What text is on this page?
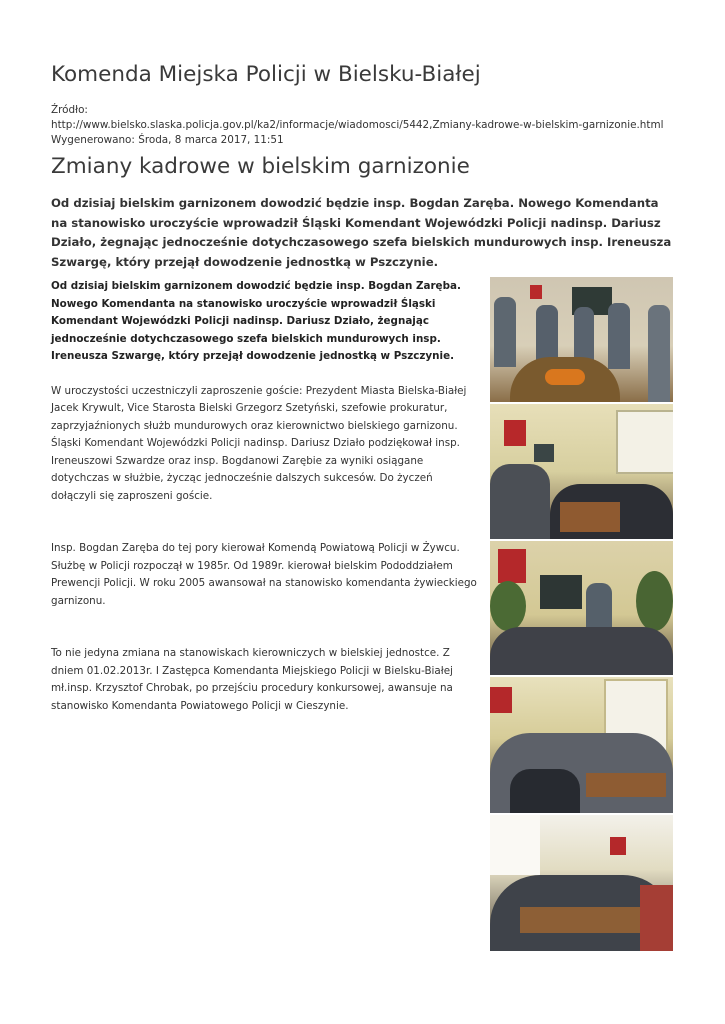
Komenda Miejska Policji w Bielsku-Białej
Źródło:
http://www.bielsko.slaska.policja.gov.pl/ka2/informacje/wiadomosci/5442,Zmiany-kadrowe-w-bielskim-garnizonie.html
Wygenerowano: Środa, 8 marca 2017, 11:51
Zmiany kadrowe w bielskim garnizonie

Od dzisiaj bielskim garnizonem dowodzić będzie insp. Bogdan Zaręba. Nowego Komendanta na stanowisko uroczyście wprowadził Śląski Komendant Wojewódzki Policji nadinsp. Dariusz Działo, żegnając jednocześnie dotychczasowego szefa bielskich mundurowych insp. Ireneusza Szwargę, który przejął dowodzenie jednostką w Pszczynie.

Od dzisiaj bielskim garnizonem dowodzić będzie insp. Bogdan Zaręba. Nowego Komendanta na stanowisko uroczyście wprowadził Śląski Komendant Wojewódzki Policji nadinsp. Dariusz Działo, żegnając jednocześnie dotychczasowego szefa bielskich mundurowych insp. Ireneusza Szwargę, który przejął dowodzenie jednostką w Pszczynie.

W uroczystości uczestniczyli zaproszenie goście: Prezydent Miasta Bielska-Białej Jacek Krywult, Vice Starosta Bielski Grzegorz Szetyński, szefowie prokuratur, zaprzyjaźnionych służb mundurowych oraz kierownictwo bielskiego garnizonu.

Śląski Komendant Wojewódzki Policji nadinsp. Dariusz Działo podziękował insp. Ireneuszowi Szwardze oraz insp. Bogdanowi Zarębie za wyniki osiągane dotychczas w służbie, życząc jednocześnie dalszych sukcesów. Do życzeń dołączyli się zaproszeni goście.

Insp. Bogdan Zaręba do tej pory kierował Komendą Powiatową Policji w Żywcu. Służbę w Policji rozpoczął w 1985r. Od 1989r. kierował bielskim Pododdziałem Prewencji Policji. W roku 2005 awansował na stanowisko komendanta żywieckiego garnizonu.

To nie jedyna zmiana na stanowiskach kierowniczych w bielskiej jednostce. Z dniem 01.02.2013r. I Zastępca Komendanta Miejskiego Policji w Bielsku-Białej mł.insp. Krzysztof Chrobak, po przejściu procedury konkursowej, awansuje na stanowisko Komendanta Powiatowego Policji w Cieszynie.
